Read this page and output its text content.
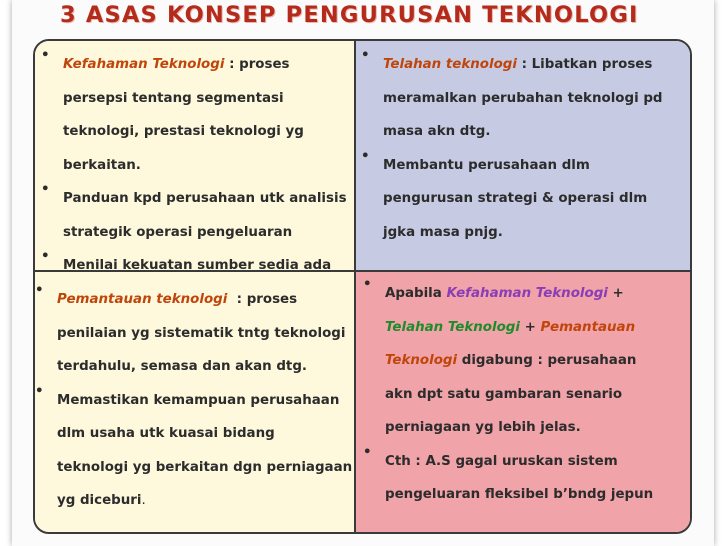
3 ASAS KONSEP PENGURUSAN TEKNOLOGI
•

Kefahaman Teknologi : proses

persepsi tentang segmentasi

teknologi, prestasi teknologi yg

berkaitan.

•

Panduan kpd perusahaan utk analisis

strategik operasi pengeluaran

•

Menilai kekuatan sumber sedia ada

•

Telahan teknologi : Libatkan proses

meramalkan perubahan teknologi pd

masa akn dtg.

•

Membantu perusahaan dlm

pengurusan strategi & operasi dlm

jgka masa pnjg.

•

Pemantauan teknologi  : proses

penilaian yg sistematik tntg teknologi

terdahulu, semasa dan akan dtg.

•

Memastikan kemampuan perusahaan

dlm usaha utk kuasai bidang

teknologi yg berkaitan dgn perniagaan

yg diceburi.

•

Apabila Kefahaman Teknologi +

Telahan Teknologi + Pemantauan

Teknologi digabung : perusahaan

akn dpt satu gambaran senario

perniagaan yg lebih jelas.

•

Cth : A.S gagal uruskan sistem

pengeluaran fleksibel b’bndg jepun
